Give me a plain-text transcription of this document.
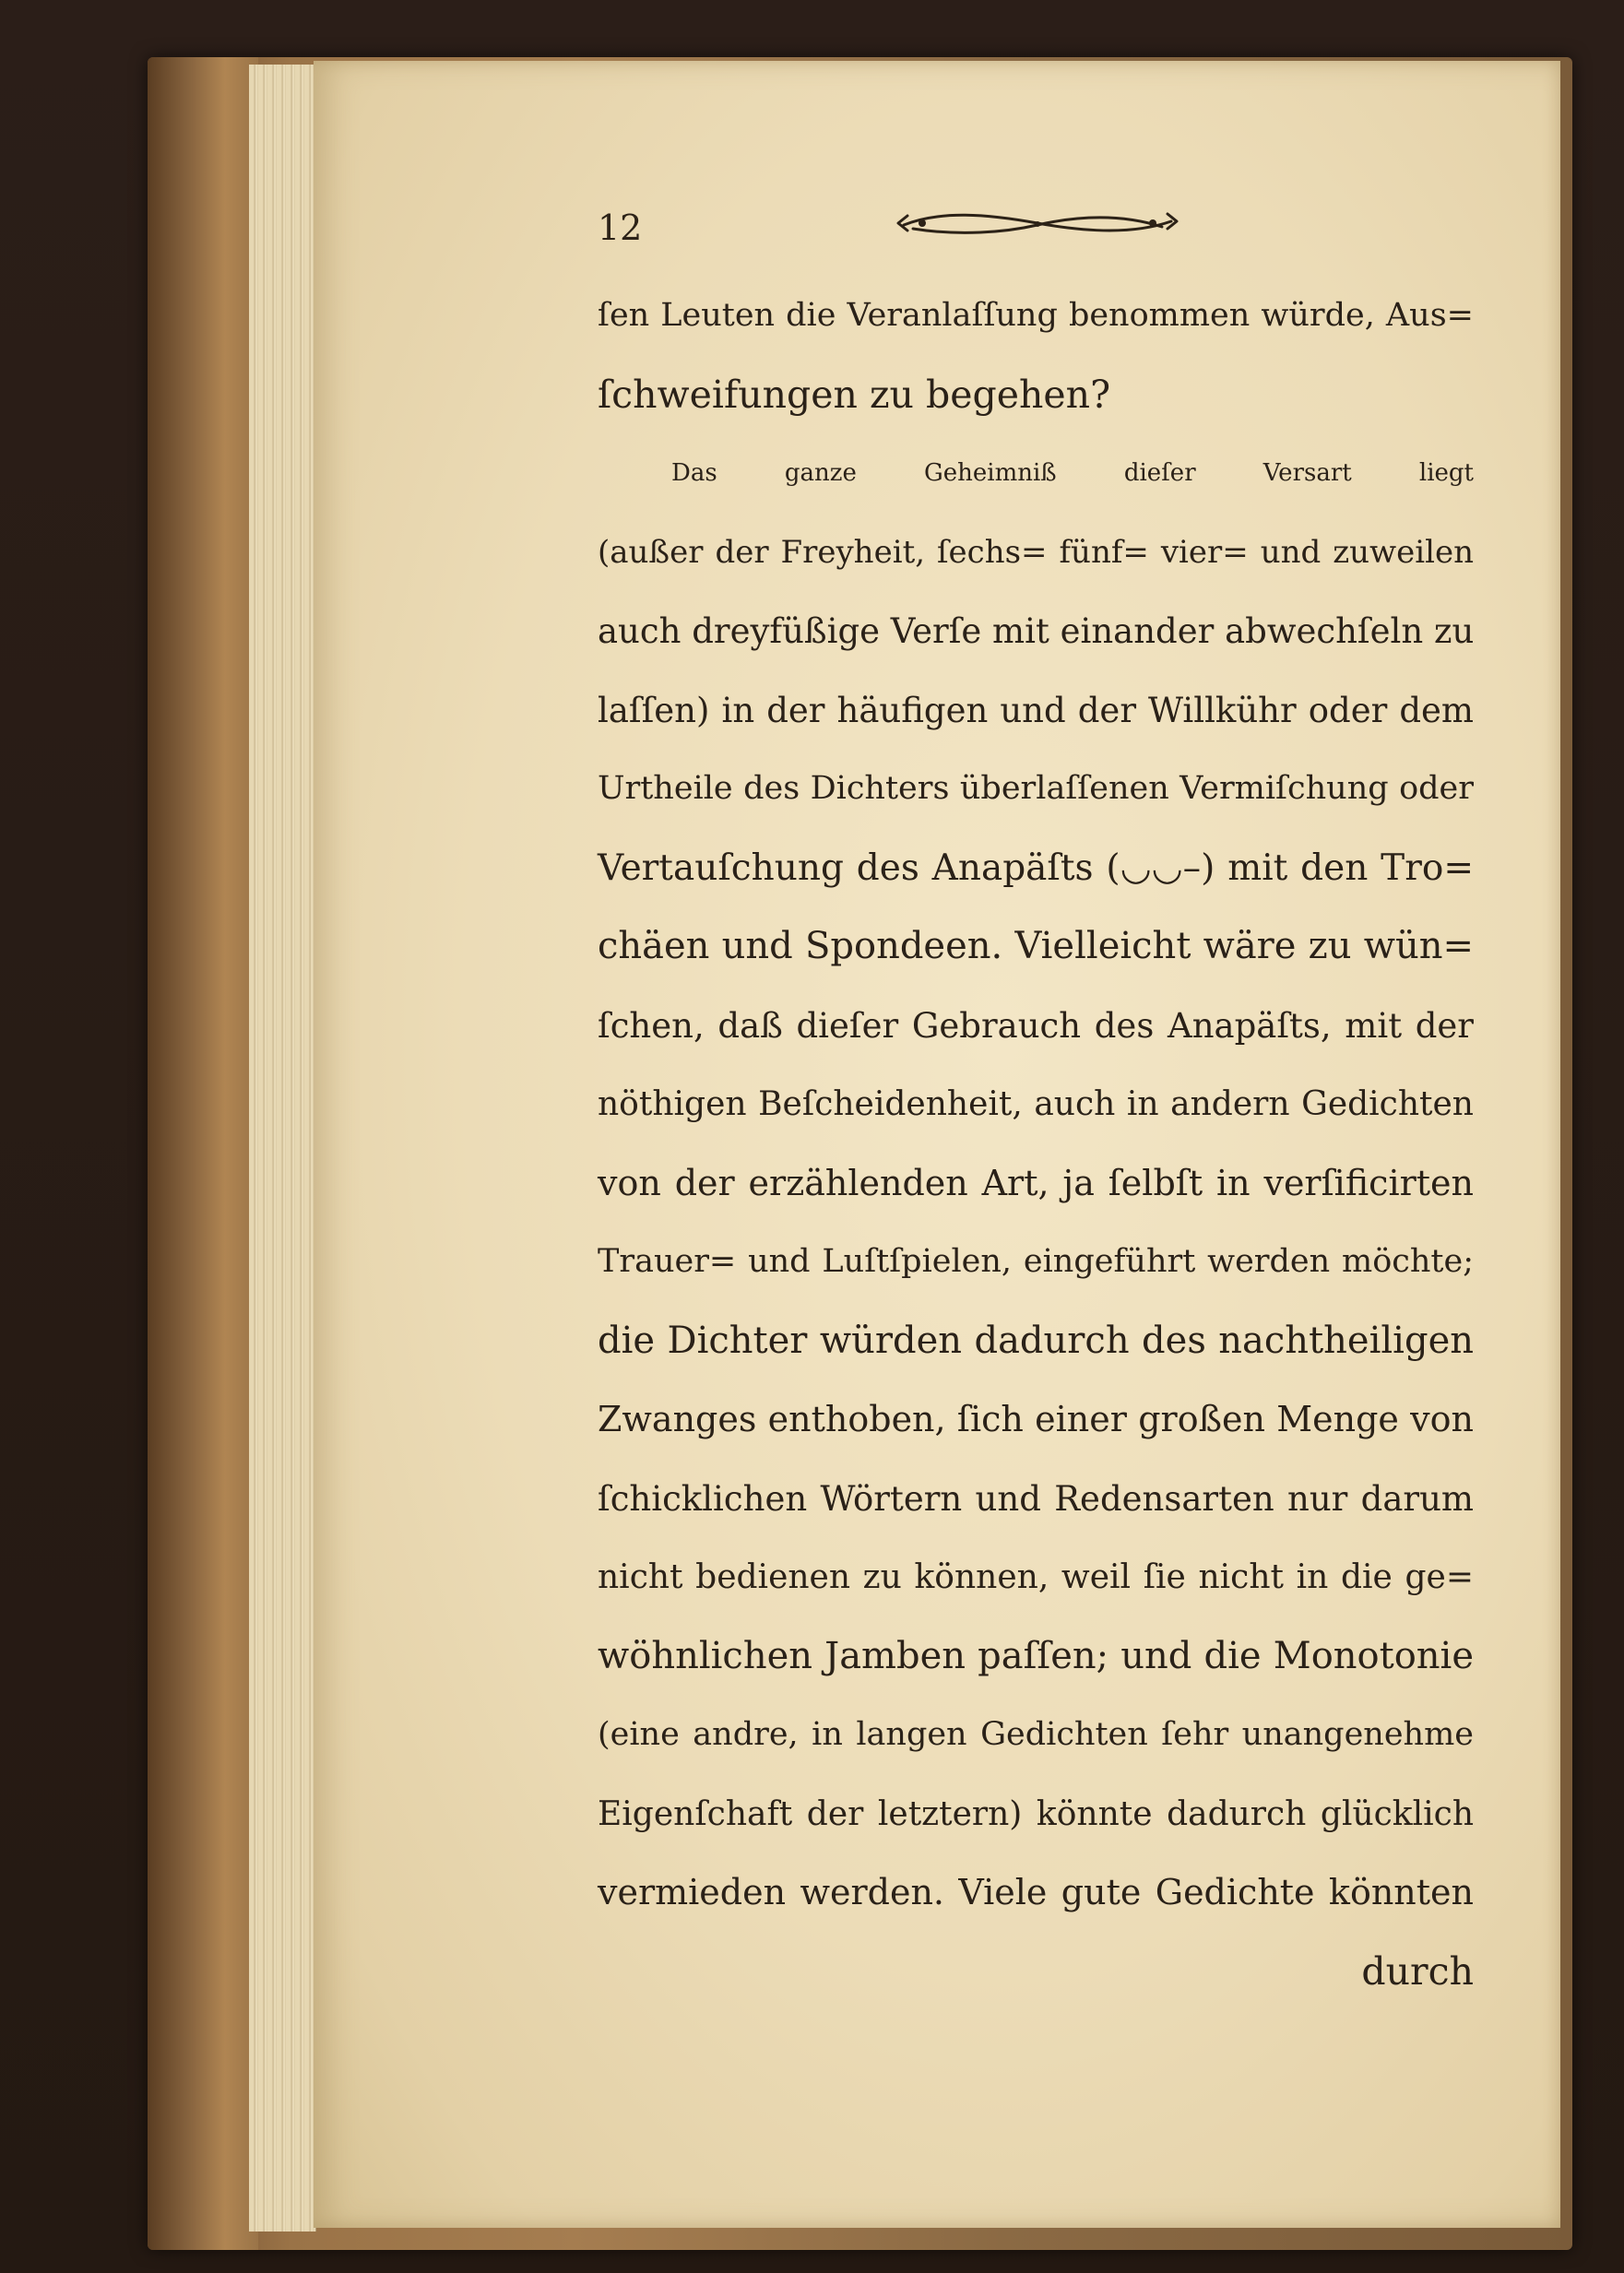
12

ſen Leuten die Veranlaſſung benommen würde, Aus=
ſchweifungen zu begehen?
Das ganze Geheimniß dieſer Versart liegt
(außer der Freyheit, ſechs= fünf= vier= und zuweilen
auch dreyfüßige Verſe mit einander abwechſeln zu
laſſen) in der häufigen und der Willkühr oder dem
Urtheile des Dichters überlaſſenen Vermiſchung oder
Vertauſchung des Anapäſts (◡◡–) mit den Tro=
chäen und Spondeen. Vielleicht wäre zu wün=
ſchen, daß dieſer Gebrauch des Anapäſts, mit der
nöthigen Beſcheidenheit, auch in andern Gedichten
von der erzählenden Art, ja ſelbſt in verſificirten
Trauer= und Luſtſpielen, eingeführt werden möchte;
die Dichter würden dadurch des nachtheiligen
Zwanges enthoben, ſich einer großen Menge von
ſchicklichen Wörtern und Redensarten nur darum
nicht bedienen zu können, weil ſie nicht in die ge=
wöhnlichen Jamben paſſen; und die Monotonie
(eine andre, in langen Gedichten ſehr unangenehme
Eigenſchaft der letztern) könnte dadurch glücklich
vermieden werden. Viele gute Gedichte könnten
durch
